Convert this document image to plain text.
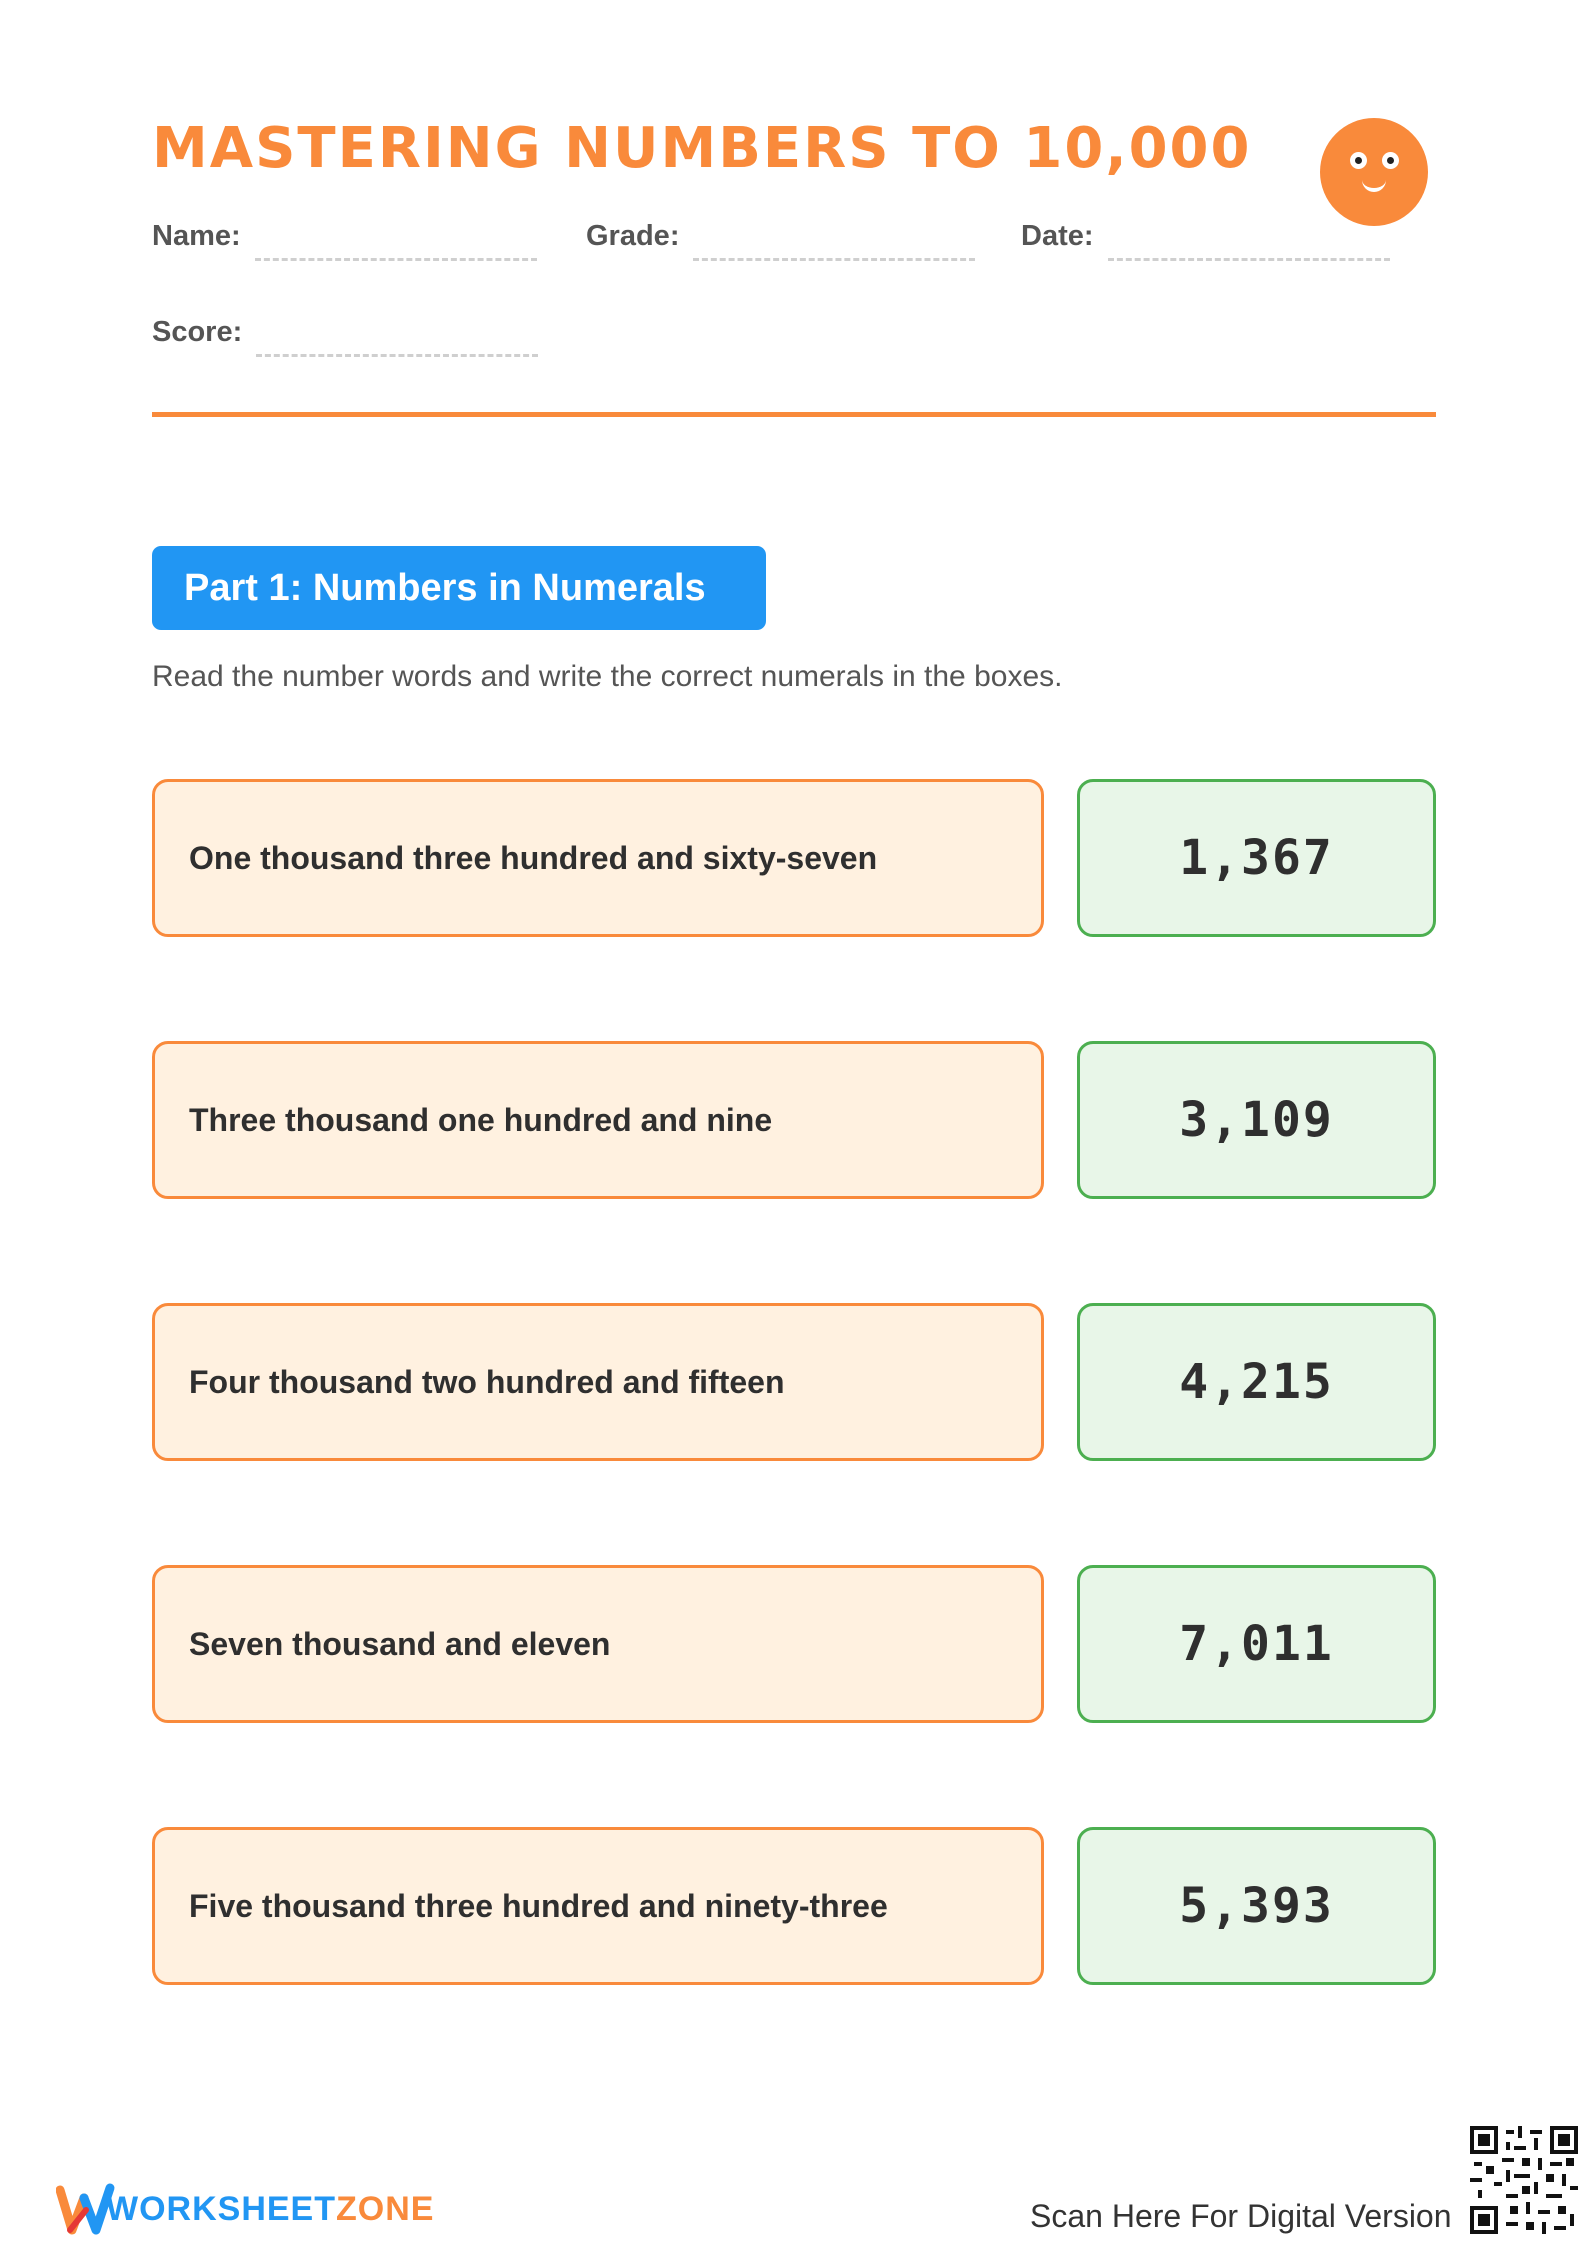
MASTERING NUMBERS TO 10,000
Name:	Grade:	Date:
Score:
Part 1: Numbers in Numerals
Read the number words and write the correct numerals in the boxes.
One thousand three hundred and sixty-seven	1,367
Three thousand one hundred and nine	3,109
Four thousand two hundred and fifteen	4,215
Seven thousand and eleven	7,011
Five thousand three hundred and ninety-three	5,393
WORKSHEETZONE	Scan Here For Digital Version
